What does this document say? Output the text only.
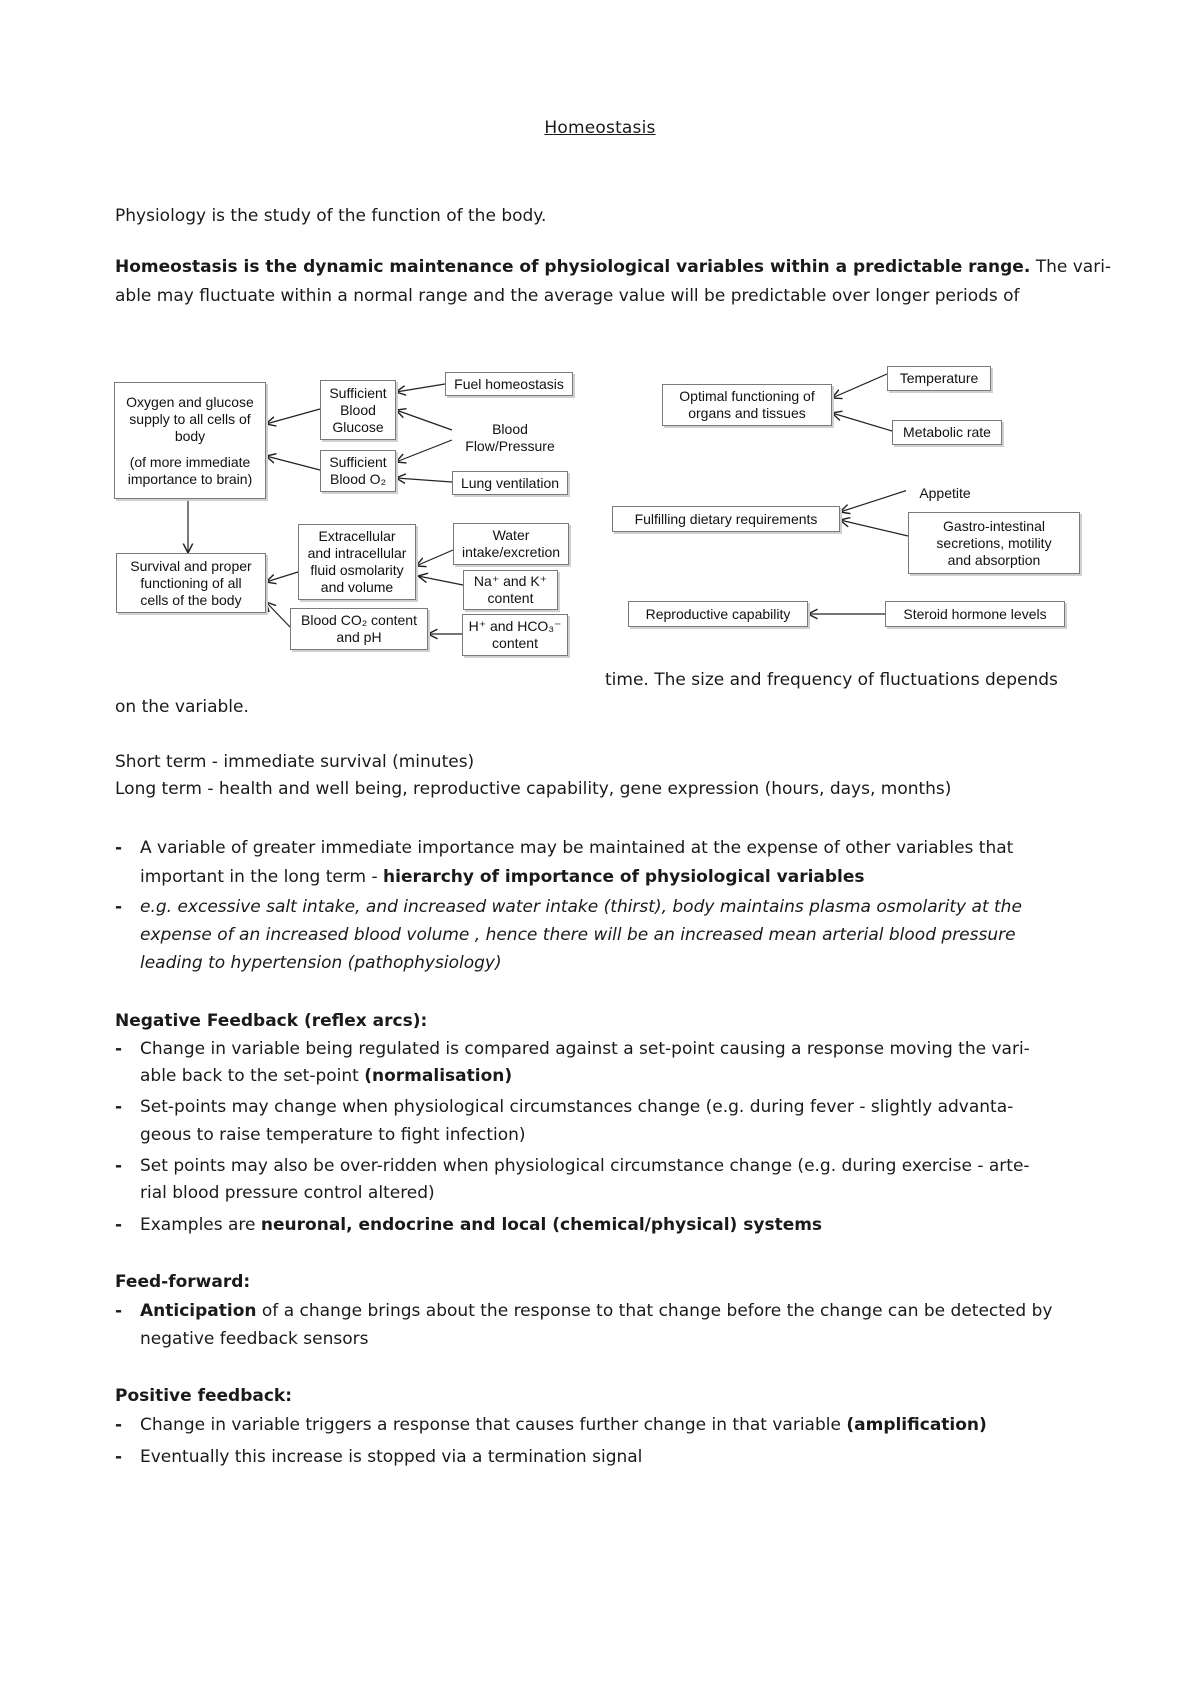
Homeostasis
Physiology is the study of the function of the body.
Homeostasis is the dynamic maintenance of physiological variables within a predictable range. The vari-
able may fluctuate within a normal range and the average value will be predictable over longer periods of
Oxygen and glucose
supply to all cells of
body
(of more immediate
importance to brain)
Sufficient
Blood
Glucose
Fuel homeostasis
Blood
Flow/Pressure
Sufficient
Blood O₂	Lung ventilation
Survival and proper
functioning of all
cells of the body
Extracellular
and intracellular
fluid osmolarity
and volume
Water
intake/excretion
Na⁺ and K⁺
content
Blood CO₂ content
and pH
H⁺ and HCO₃⁻
content
Optimal functioning of
organs and tissues
Temperature
Metabolic rate
Appetite
Fulfilling dietary requirements	Gastro-intestinal
secretions, motility
and absorption
Reproductive capability	Steroid hormone levels
time. The size and frequency of fluctuations depends
on the variable.
Short term - immediate survival (minutes)
Long term - health and well being, reproductive capability, gene expression (hours, days, months)
-	A variable of greater immediate importance may be maintained at the expense of other variables that
important in the long term - hierarchy of importance of physiological variables
-	e.g. excessive salt intake, and increased water intake (thirst), body maintains plasma osmolarity at the
expense of an increased blood volume , hence there will be an increased mean arterial blood pressure
leading to hypertension (pathophysiology)
Negative Feedback (reflex arcs):
-	Change in variable being regulated is compared against a set-point causing a response moving the vari-
able back to the set-point (normalisation)
-	Set-points may change when physiological circumstances change (e.g. during fever - slightly advanta-
geous to raise temperature to fight infection)
-	Set points may also be over-ridden when physiological circumstance change (e.g. during exercise - arte-
rial blood pressure control altered)
-	Examples are neuronal, endocrine and local (chemical/physical) systems
Feed-forward:
-	Anticipation of a change brings about the response to that change before the change can be detected by
negative feedback sensors
Positive feedback:
-	Change in variable triggers a response that causes further change in that variable (amplification)
-	Eventually this increase is stopped via a termination signal
